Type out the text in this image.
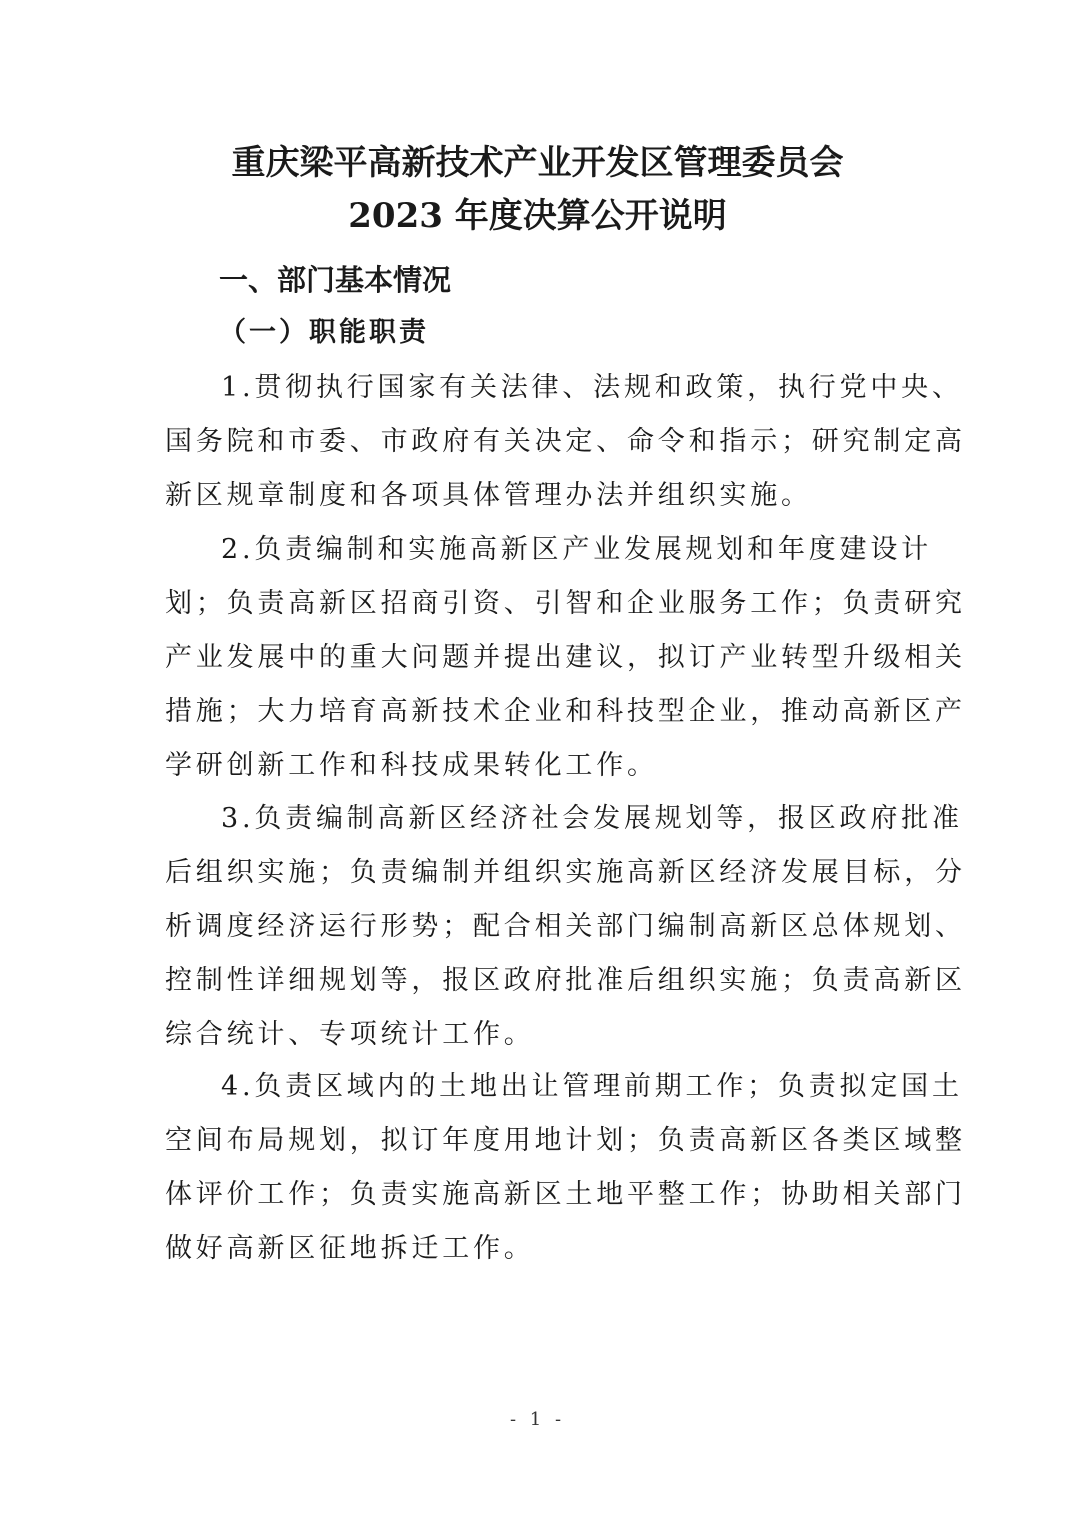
重庆梁平高新技术产业开发区管理委员会
2023 年度决算公开说明
一、部门基本情况
（一）职能职责

1.贯彻执行国家有关法律、法规和政策，执行党中央、
国务院和市委、市政府有关决定、命令和指示；研究制定高
新区规章制度和各项具体管理办法并组织实施。

2.负责编制和实施高新区产业发展规划和年度建设计
划；负责高新区招商引资、引智和企业服务工作；负责研究
产业发展中的重大问题并提出建议，拟订产业转型升级相关
措施；大力培育高新技术企业和科技型企业，推动高新区产
学研创新工作和科技成果转化工作。

3.负责编制高新区经济社会发展规划等，报区政府批准
后组织实施；负责编制并组织实施高新区经济发展目标，分
析调度经济运行形势；配合相关部门编制高新区总体规划、
控制性详细规划等，报区政府批准后组织实施；负责高新区
综合统计、专项统计工作。

4.负责区域内的土地出让管理前期工作；负责拟定国土
空间布局规划，拟订年度用地计划；负责高新区各类区域整
体评价工作；负责实施高新区土地平整工作；协助相关部门
做好高新区征地拆迁工作。

- 1 -
